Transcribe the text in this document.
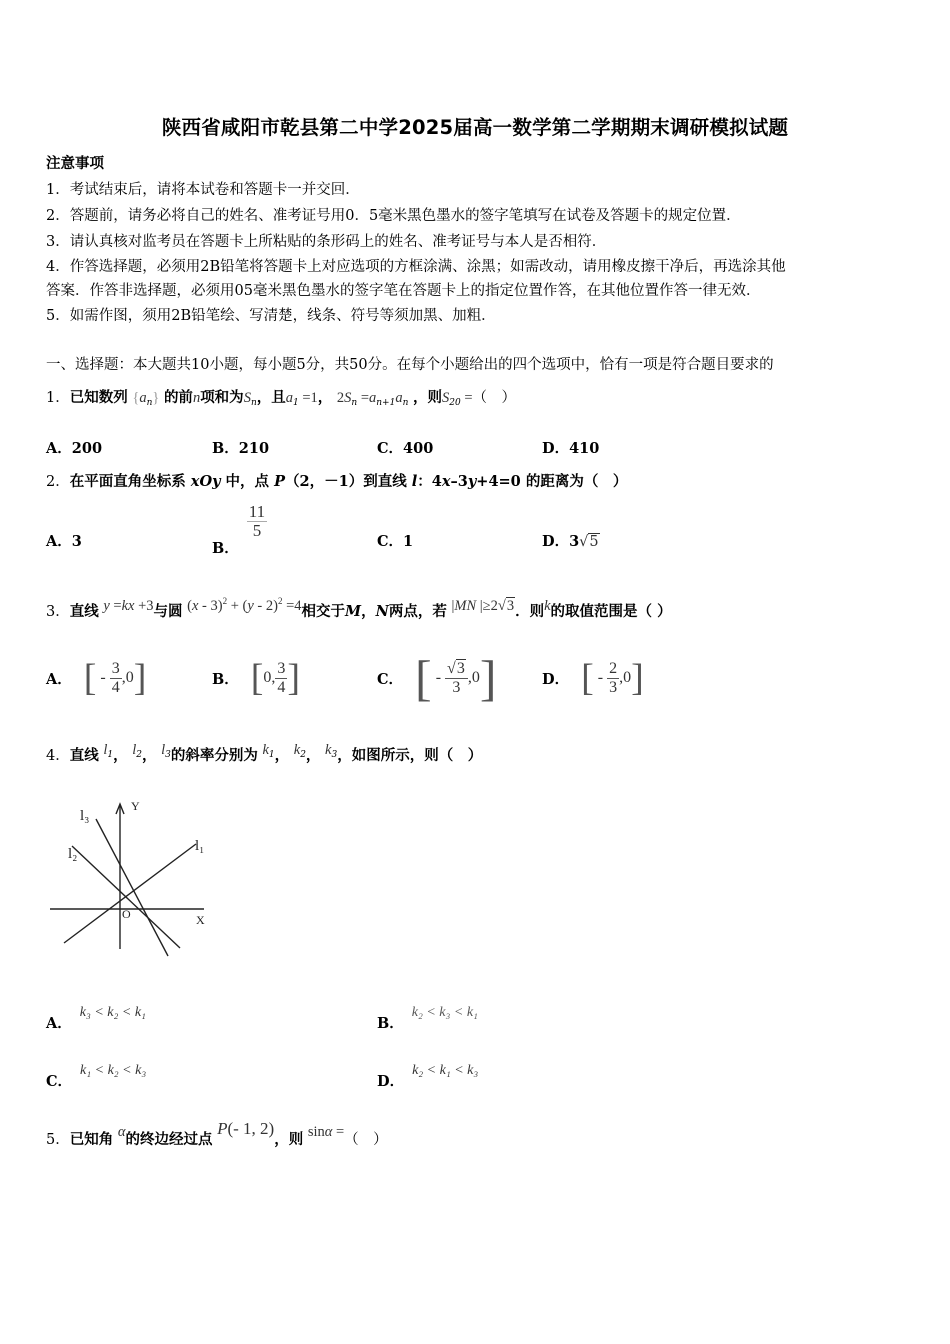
陕西省咸阳市乾县第二中学2025届高一数学第二学期期末调研模拟试题
注意事项
1．考试结束后，请将本试卷和答题卡一并交回．
2．答题前，请务必将自己的姓名、准考证号用0．5毫米黑色墨水的签字笔填写在试卷及答题卡的规定位置．
3．请认真核对监考员在答题卡上所粘贴的条形码上的姓名、准考证号与本人是否相符．
4．作答选择题，必须用2B铅笔将答题卡上对应选项的方框涂满、涂黑；如需改动，请用橡皮擦干净后，再选涂其他
答案．作答非选择题，必须用05毫米黑色墨水的签字笔在答题卡上的指定位置作答，在其他位置作答一律无效．
5．如需作图，须用2B铅笔绘、写清楚，线条、符号等须加黑、加粗．
一、选择题：本大题共10小题，每小题5分，共50分。在每个小题给出的四个选项中，恰有一项是符合题目要求的
1．已知数列 $\{a_n\}$ 的前n项和为$S_n$，且$a_1 =1$， $2S_n =a_{n+1}a_n$ ，则$S_{20}$ =（　）
A．200	B．210	C．400	D．410
2．在平面直角坐标系 xOy 中，点 P（2，－1）到直线 l：4x–3y+4=0 的距离为（　）
A．3	B．
$\frac{11}{5}$
C．1	D．3√5
3．直线 y =kx +3与圆 (x - 3)$^2$ + (y - 2)$^2$ =4相交于M，N两点，若 |MN |≥2√3．则k的取值范围是（ ）
A． [ - $\frac{3}{4} ,0$ ]	B． [ 0, $\frac{3}{4}$ ]	C． [ - $\frac{√3}{3} ,0$ ]	D． [ - $\frac{2}{3} ,0$ ]
4．直线 $l^1$， $l^2$， $l^3$的斜率分别为 $k^1$， $k^2$， $k^3$，如图所示，则（　）
l₃
l₂	l₁
Y
X
O
A．k₃ < k₂ < k₁
B．k₂ < k₃ < k₁
C．k₁ < k₂ < k₃
D．k₂ < k₁ < k₃
5．已知角 α的终边经过点 P(- 1, 2)，则 sinα =（　）
